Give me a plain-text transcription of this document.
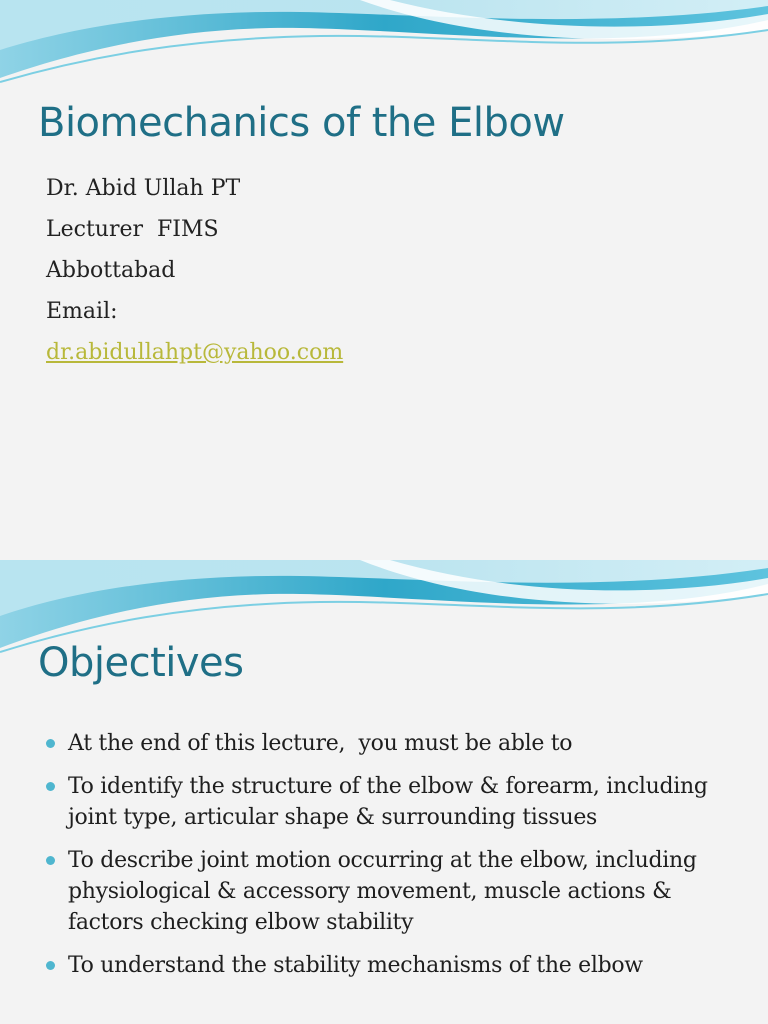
Biomechanics of the Elbow
Dr. Abid Ullah PT
Lecturer  FIMS
Abbottabad
Email:
dr.abidullahpt@yahoo.com
Objectives
At the end of this lecture,  you must be able to
To identify the structure of the elbow & forearm, including joint type, articular shape & surrounding tissues
To describe joint motion occurring at the elbow, including physiological & accessory movement, muscle actions & factors checking elbow stability
To understand the stability mechanisms of the elbow
